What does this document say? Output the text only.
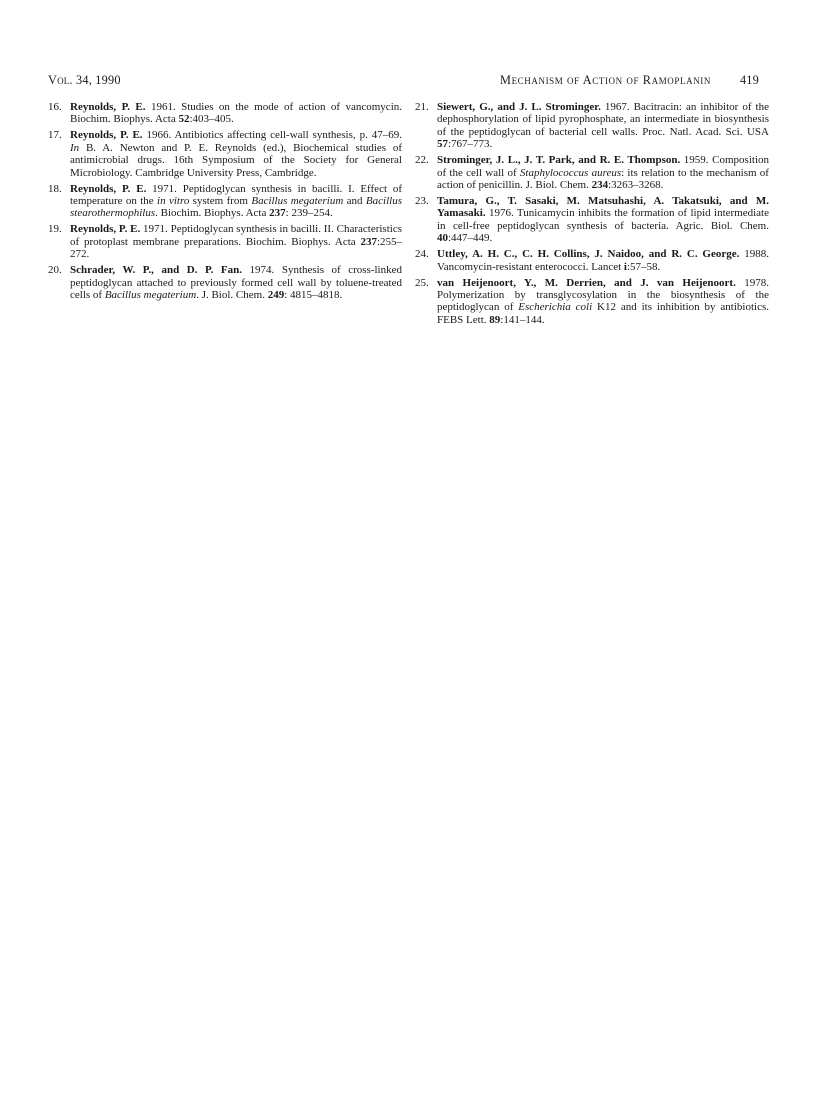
Vol. 34, 1990	Mechanism of Action of Ramoplanin 419
16. Reynolds, P. E. 1961. Studies on the mode of action of vancomycin. Biochim. Biophys. Acta 52:403–405.
17. Reynolds, P. E. 1966. Antibiotics affecting cell-wall synthesis, p. 47–69. In B. A. Newton and P. E. Reynolds (ed.), Biochemical studies of antimicrobial drugs. 16th Symposium of the Society for General Microbiology. Cambridge University Press, Cambridge.
18. Reynolds, P. E. 1971. Peptidoglycan synthesis in bacilli. I. Effect of temperature on the in vitro system from Bacillus megaterium and Bacillus stearothermophilus. Biochim. Biophys. Acta 237: 239–254.
19. Reynolds, P. E. 1971. Peptidoglycan synthesis in bacilli. II. Characteristics of protoplast membrane preparations. Biochim. Biophys. Acta 237:255–272.
20. Schrader, W. P., and D. P. Fan. 1974. Synthesis of cross-linked peptidoglycan attached to previously formed cell wall by toluene-treated cells of Bacillus megaterium. J. Biol. Chem. 249: 4815–4818.
21. Siewert, G., and J. L. Strominger. 1967. Bacitracin: an inhibitor of the dephosphorylation of lipid pyrophosphate, an intermediate in biosynthesis of the peptidoglycan of bacterial cell walls. Proc. Natl. Acad. Sci. USA 57:767–773.
22. Strominger, J. L., J. T. Park, and R. E. Thompson. 1959. Composition of the cell wall of Staphylococcus aureus: its relation to the mechanism of action of penicillin. J. Biol. Chem. 234:3263–3268.
23. Tamura, G., T. Sasaki, M. Matsuhashi, A. Takatsuki, and M. Yamasaki. 1976. Tunicamycin inhibits the formation of lipid intermediate in cell-free peptidoglycan synthesis of bacteria. Agric. Biol. Chem. 40:447–449.
24. Uttley, A. H. C., C. H. Collins, J. Naidoo, and R. C. George. 1988. Vancomycin-resistant enterococci. Lancet i:57–58.
25. van Heijenoort, Y., M. Derrien, and J. van Heijenoort. 1978. Polymerization by transglycosylation in the biosynthesis of the peptidoglycan of Escherichia coli K12 and its inhibition by antibiotics. FEBS Lett. 89:141–144.
